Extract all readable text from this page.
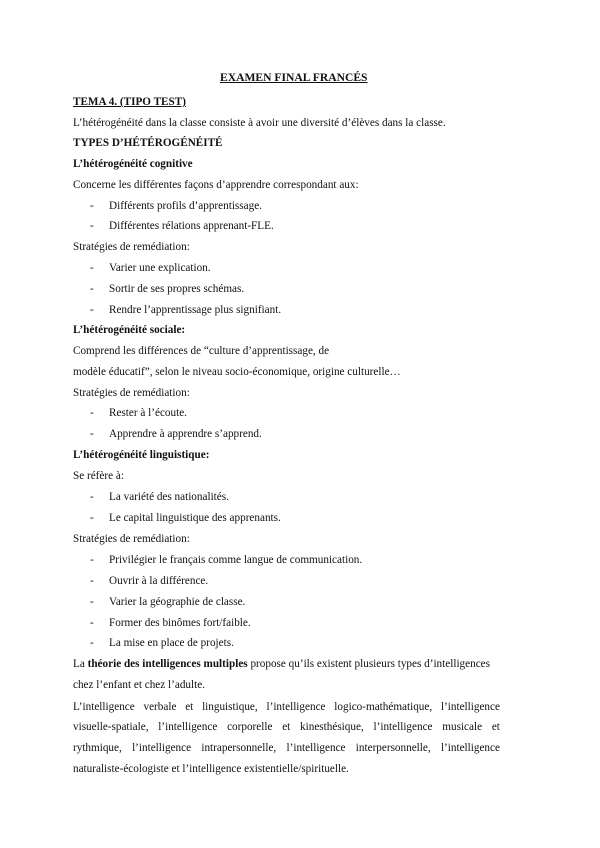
EXAMEN FINAL FRANCÉS
TEMA 4. (TIPO TEST)
L’hétérogénéité dans la classe consiste à avoir une diversité d’élèves dans la classe.
TYPES D’HÉTÉROGÉNÉITÉ
L’hétérogénéité cognitive
Concerne les différentes façons d’apprendre correspondant aux:
- Différents profils d’apprentissage.
- Différentes rélations apprenant-FLE.
Stratégies de remédiation:
- Varier une explication.
- Sortir de ses propres schémas.
- Rendre l’apprentissage plus signifiant.
L’hétérogénéité sociale:
Comprend les différences de “culture d’apprentissage, de
modèle éducatif”, selon le niveau socio-économique, origine culturelle…
Stratégies de remédiation:
- Rester à l’écoute.
- Apprendre à apprendre s’apprend.
L’hétérogénéité linguistique:
Se réfère à:
- La variété des nationalités.
- Le capital linguistique des apprenants.
Stratégies de remédiation:
- Privilégier le français comme langue de communication.
- Ouvrir à la différence.
- Varier la géographie de classe.
- Former des binômes fort/faible.
- La mise en place de projets.
La théorie des intelligences multiples propose qu’ils existent plusieurs types d’intelligences
chez l’enfant et chez l’adulte.
L’intelligence verbale et linguistique, l’intelligence logico-mathématique, l’intelligence
visuelle-spatiale, l’intelligence corporelle et kinesthésique, l’intelligence musicale et
rythmique, l’intelligence intrapersonnelle, l’intelligence interpersonnelle, l’intelligence
naturaliste-écologiste et l’intelligence existentielle/spirituelle.
